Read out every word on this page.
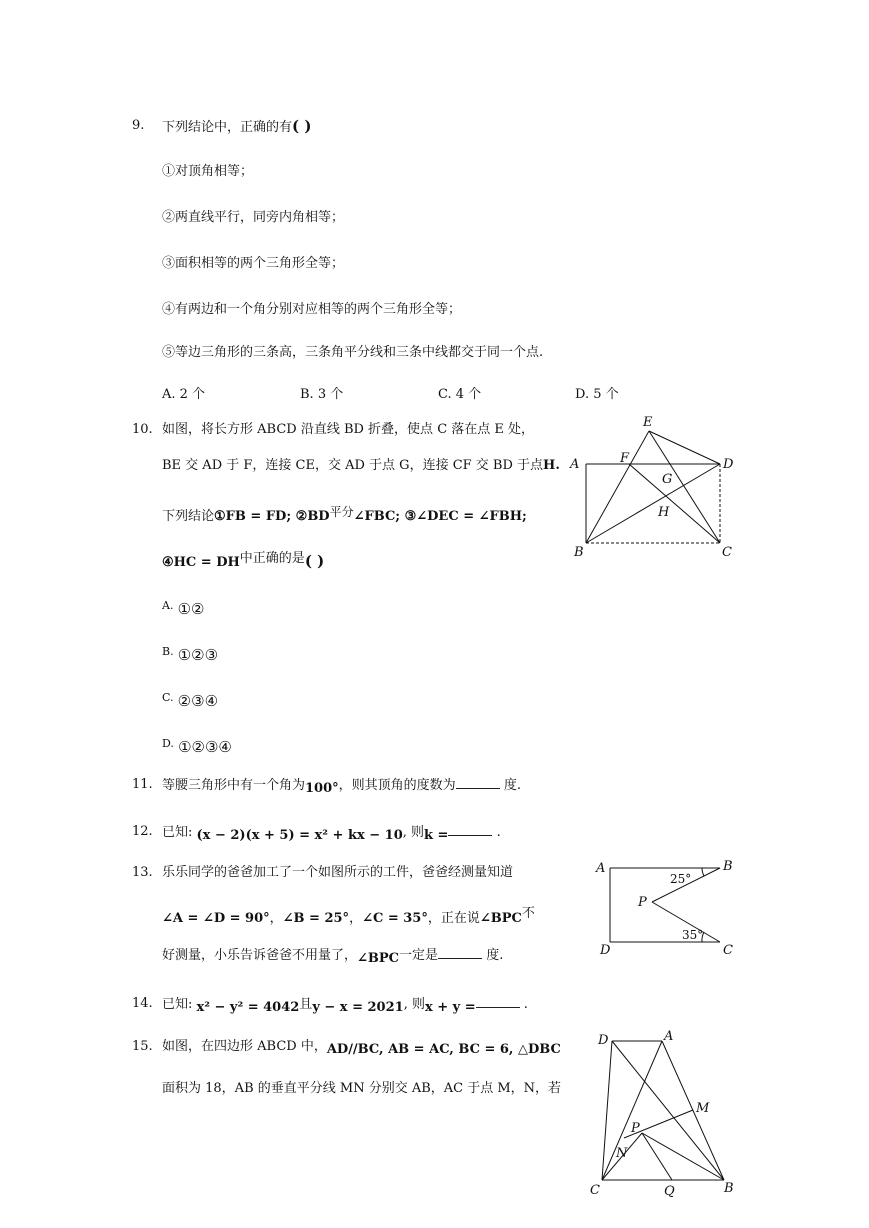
9. 下列结论中，正确的有( )
①对顶角相等；
②两直线平行，同旁内角相等；
③面积相等的两个三角形全等；
④有两边和一个角分别对应相等的两个三角形全等；
⑤等边三角形的三条高，三条角平分线和三条中线都交于同一个点.
A. 2 个	B. 3 个	C. 4 个	D. 5 个
10. 如图，将长方形 ABCD 沿直线 BD 折叠，使点 C 落在点 E 处，
BE 交 AD 于 F，连接 CE，交 AD 于点 G，连接 CF 交 BD 于点H.
下列结论①FB = FD; ②BD平分∠FBC; ③∠DEC = ∠FBH;
④HC = DH中正确的是( )
$^{A.}$ ①②
$^{B.}$ ①②③
$^{C.}$ ②③④
$^{D.}$ ①②③④
A
B	C
D
E
F
G
H
11. 等腰三角形中有一个角为100°，则其顶角的度数为	度.
12. 已知: (x − 2)(x + 5) = x² + kx − 10, 则k =	.
13. 乐乐同学的爸爸加工了一个如图所示的工件，爸爸经测量知道
∠A = ∠D = 90°，∠B = 25°，∠C = 35°，正在说∠BPC不
好测量，小乐告诉爸爸不用量了，∠BPC一定是	度.
A	B
C
D
P
25°
35°
14. 已知: x² − y² = 4042且y − x = 2021, 则x + y =	.
15. 如图，在四边形 ABCD 中，AD//BC, AB = AC, BC = 6, △DBC
面积为 18，AB 的垂直平分线 MN 分别交 AB，AC 于点 M，N，若
D	A
C	B
M
N
P
Q
